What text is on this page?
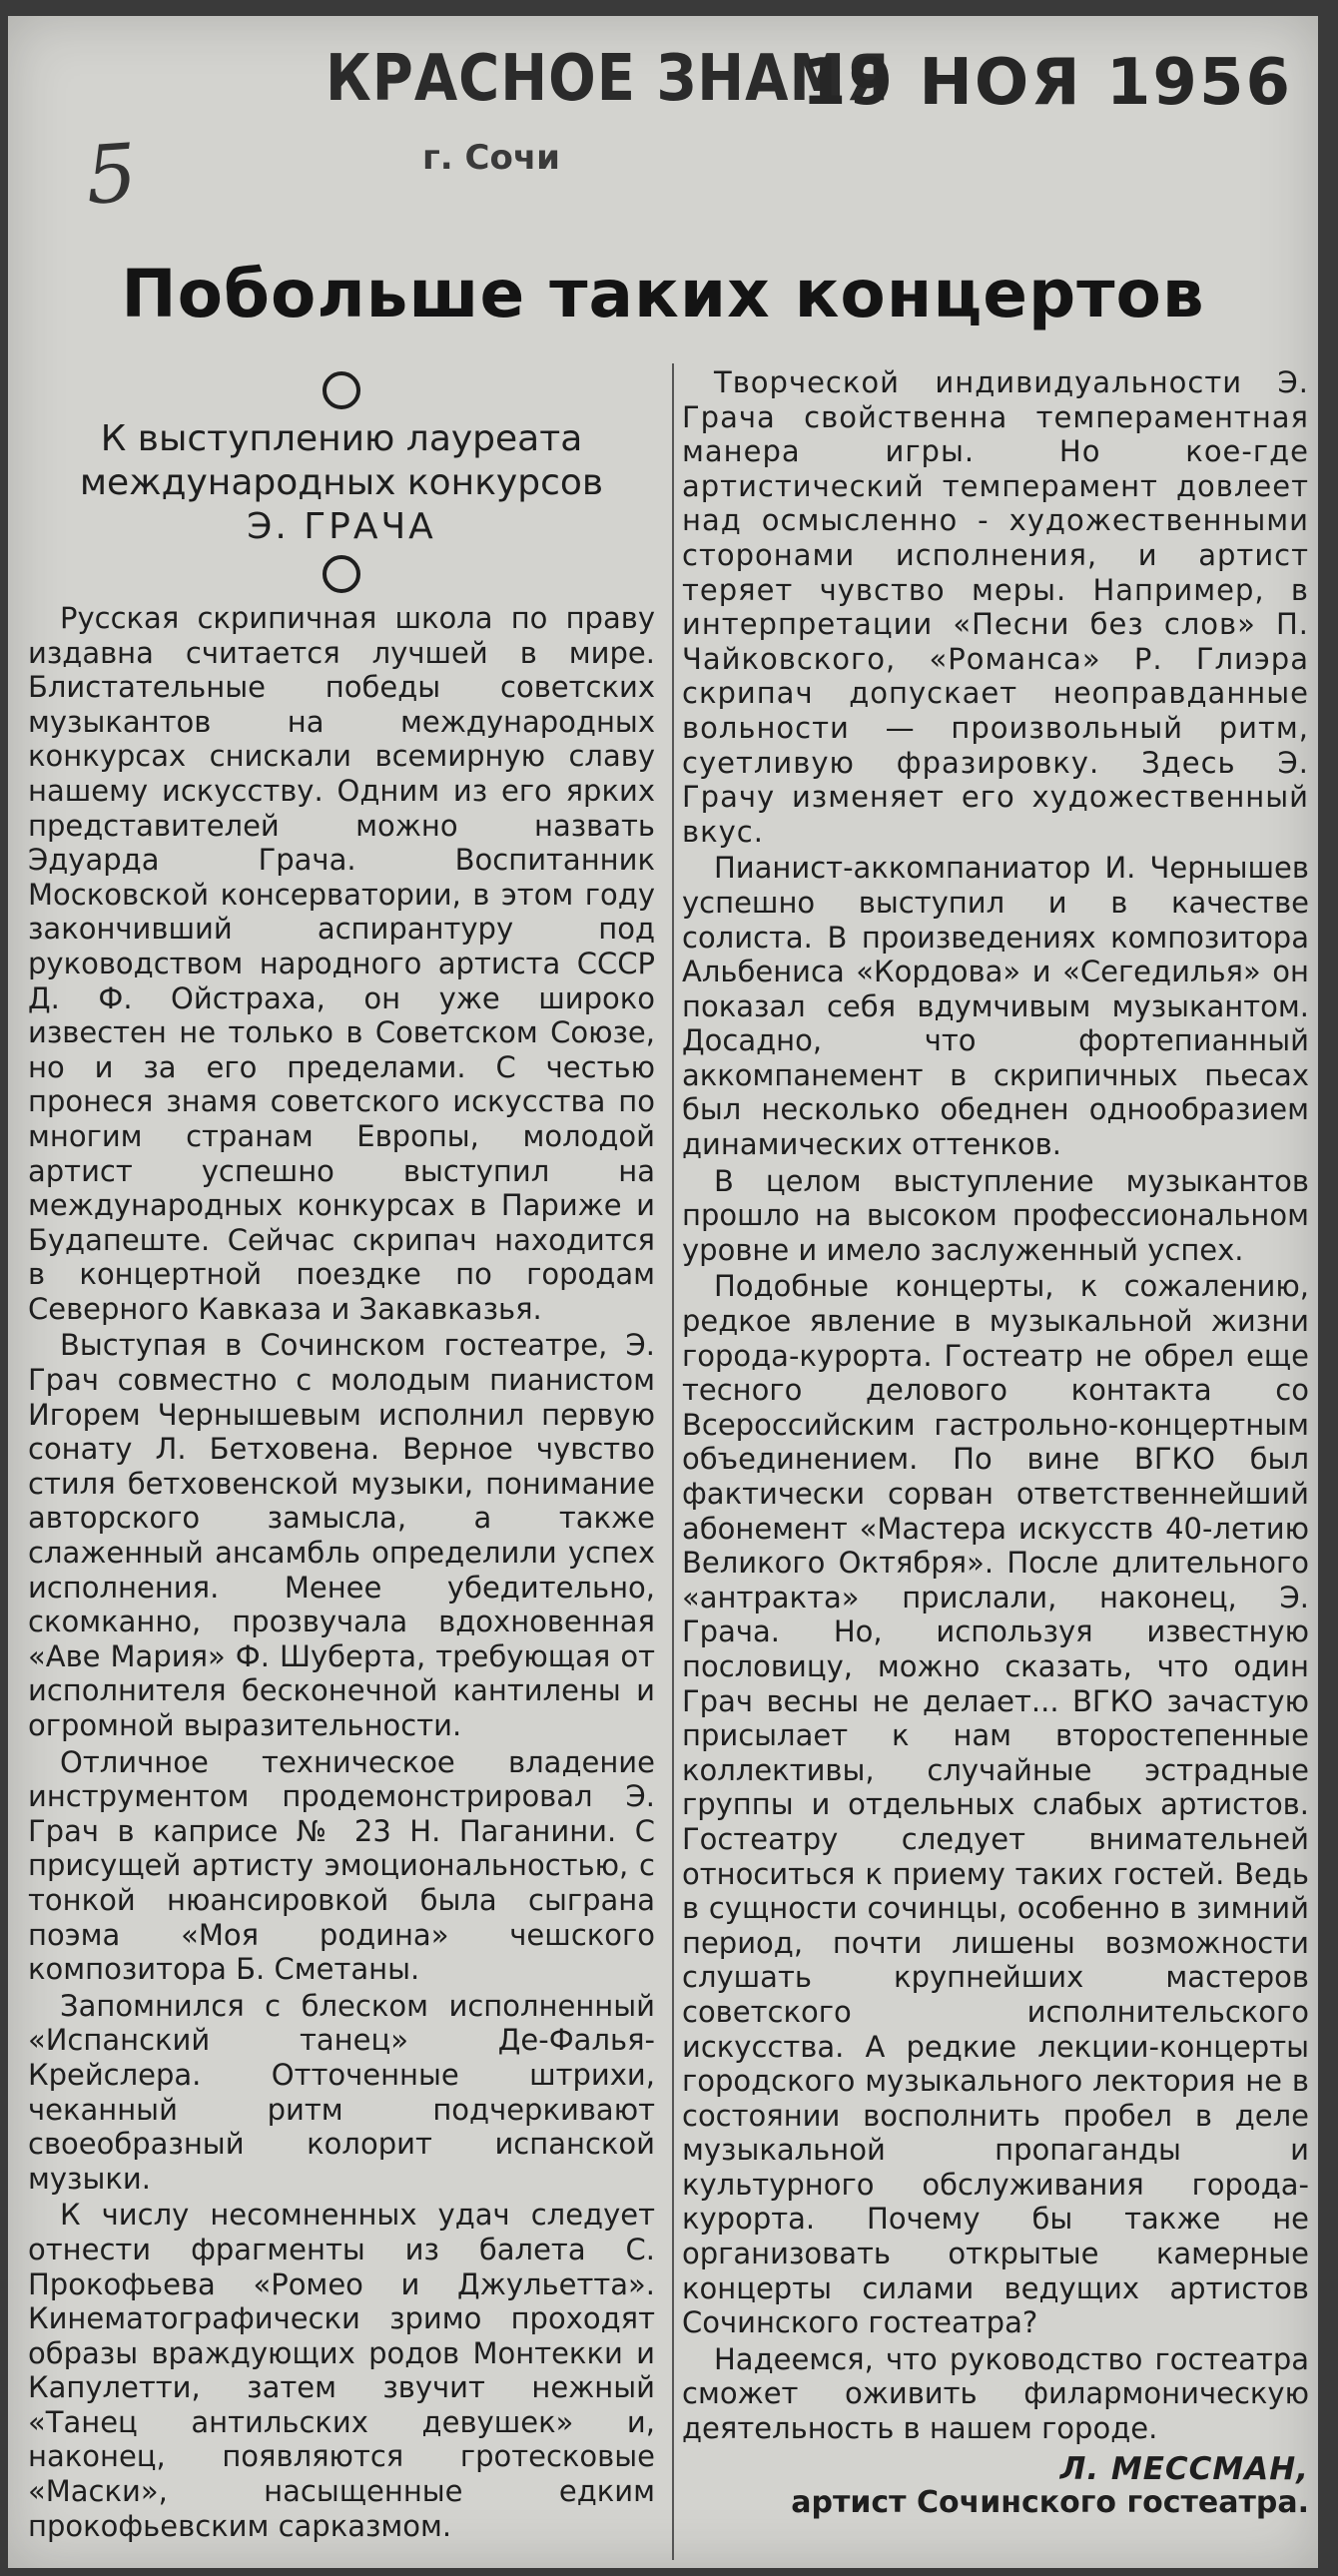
КРАСНОЕ ЗНАМЯ
г. Сочи
19 НОЯ 1956
5
Побольше таких концертов
К выступлению лауреата
международных конкурсов
Э. ГРАЧА

Русская скрипичная школа по праву издавна считается лучшей в мире. Блистательные победы советских музыкантов на международных конкурсах снискали всемирную славу нашему искусству. Одним из его ярких представителей можно назвать Эдуарда Грача. Воспитанник Московской консерватории, в этом году закончивший аспирантуру под руководством народного артиста СССР Д. Ф. Ойстраха, он уже широко известен не только в Советском Союзе, но и за его пределами. С честью пронеся знамя советского искусства по многим странам Европы, молодой артист успешно выступил на международных конкурсах в Париже и Будапеште. Сейчас скрипач находится в концертной поездке по городам Северного Кавказа и Закавказья.

Выступая в Сочинском гостеатре, Э. Грач совместно с молодым пианистом Игорем Чернышевым исполнил первую сонату Л. Бетховена. Верное чувство стиля бетховенской музыки, понимание авторского замысла, а также слаженный ансамбль определили успех исполнения. Менее убедительно, скомканно, прозвучала вдохновенная «Аве Мария» Ф. Шуберта, требующая от исполнителя бесконечной кантилены и огромной выразительности.

Отличное техническое владение инструментом продемонстрировал Э. Грач в каприсе № 23 Н. Паганини. С присущей артисту эмоциональностью, с тонкой нюансировкой была сыграна поэма «Моя родина» чешского композитора Б. Сметаны.

Запомнился с блеском исполненный «Испанский танец» Де-Фалья-Крейслера. Отточенные штрихи, чеканный ритм подчеркивают своеобразный колорит испанской музыки.

К числу несомненных удач следует отнести фрагменты из балета С. Прокофьева «Ромео и Джульетта». Кинематографически зримо проходят образы враждующих родов Монтекки и Капулетти, затем звучит нежный «Танец антильских девушек» и, наконец, появляются гротесковые «Маски», насыщенные едким прокофьевским сарказмом.

Творческой индивидуальности Э. Грача свойственна темпераментная манера игры. Но кое-где артистический темперамент довлеет над осмысленно - художественными сторонами исполнения, и артист теряет чувство меры. Например, в интерпретации «Песни без слов» П. Чайковского, «Романса» Р. Глиэра скрипач допускает неоправданные вольности — произвольный ритм, суетливую фразировку. Здесь Э. Грачу изменяет его художественный вкус.

Пианист-аккомпаниатор И. Чернышев успешно выступил и в качестве солиста. В произведениях композитора Альбениса «Кордова» и «Сегедилья» он показал себя вдумчивым музыкантом. Досадно, что фортепианный аккомпанемент в скрипичных пьесах был несколько обеднен однообразием динамических оттенков.

В целом выступление музыкантов прошло на высоком профессиональном уровне и имело заслуженный успех.

Подобные концерты, к сожалению, редкое явление в музыкальной жизни города-курорта. Гостеатр не обрел еще тесного делового контакта со Всероссийским гастрольно-концертным объединением. По вине ВГКО был фактически сорван ответственнейший абонемент «Мастера искусств 40-летию Великого Октября». После длительного «антракта» прислали, наконец, Э. Грача. Но, используя известную пословицу, можно сказать, что один Грач весны не делает... ВГКО зачастую присылает к нам второстепенные коллективы, случайные эстрадные группы и отдельных слабых артистов. Гостеатру следует внимательней относиться к приему таких гостей. Ведь в сущности сочинцы, особенно в зимний период, почти лишены возможности слушать крупнейших мастеров советского исполнительского искусства. А редкие лекции-концерты городского музыкального лектория не в состоянии восполнить пробел в деле музыкальной пропаганды и культурного обслуживания города-курорта. Почему бы также не организовать открытые камерные концерты силами ведущих артистов Сочинского гостеатра?

Надеемся, что руководство гостеатра сможет оживить филармоническую деятельность в нашем городе.

Л. МЕССМАН,
артист Сочинского гостеатра.
